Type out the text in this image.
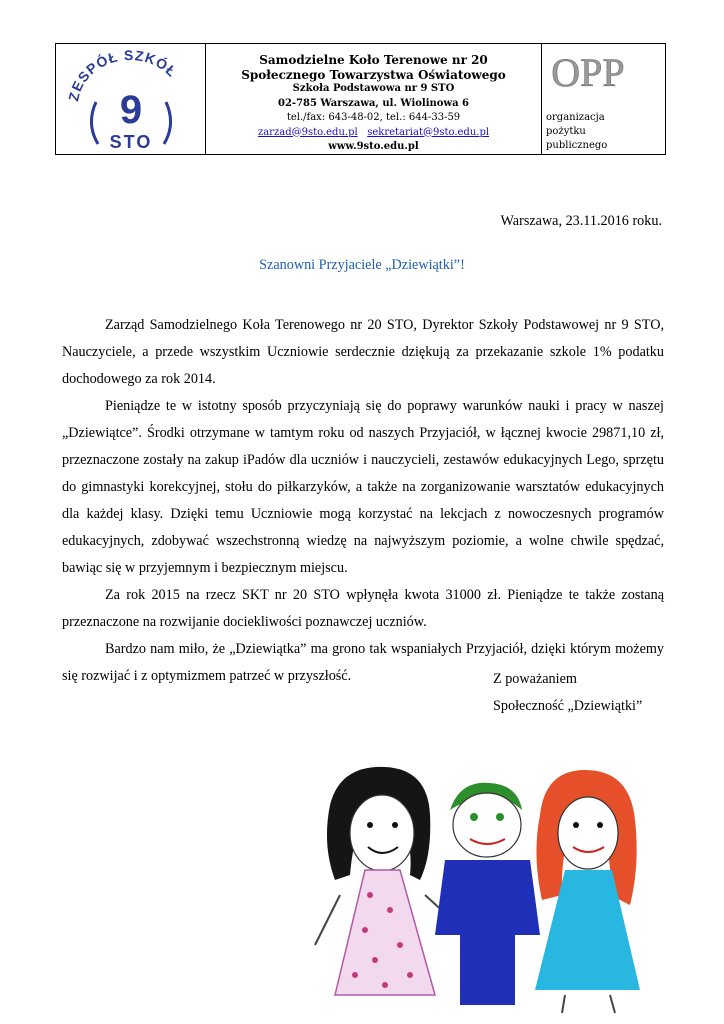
ZESPÓŁ SZKÓŁ
9
STO
Samodzielne Koło Terenowe nr 20
Społecznego Towarzystwa Oświatowego
Szkoła Podstawowa nr 9 STO
02-785 Warszawa, ul. Wiolinowa 6
tel./fax: 643-48-02, tel.: 644-33-59
zarzad@9sto.edu.pl sekretariat@9sto.edu.pl
www.9sto.edu.pl
OPP
organizacja
pożytku
publicznego
Warszawa, 23.11.2016 roku.
Szanowni Przyjaciele „Dziewiątki”!

Zarząd Samodzielnego Koła Terenowego nr 20 STO, Dyrektor Szkoły Podstawowej nr 9 STO, Nauczyciele, a przede wszystkim Uczniowie serdecznie dziękują za przekazanie szkole 1% podatku dochodowego za rok 2014.

Pieniądze te w istotny sposób przyczyniają się do poprawy warunków nauki i pracy w naszej „Dziewiątce”. Środki otrzymane w tamtym roku od naszych Przyjaciół, w łącznej kwocie 29871,10 zł, przeznaczone zostały na zakup iPadów dla uczniów i nauczycieli, zestawów edukacyjnych Lego, sprzętu do gimnastyki korekcyjnej, stołu do piłkarzyków, a także na zorganizowanie warsztatów edukacyjnych dla każdej klasy. Dzięki temu Uczniowie mogą korzystać na lekcjach z nowoczesnych programów edukacyjnych, zdobywać wszechstronną wiedzę na najwyższym poziomie, a wolne chwile spędzać, bawiąc się w przyjemnym i bezpiecznym miejscu.

Za rok 2015 na rzecz SKT nr 20 STO wpłynęła kwota 31000 zł. Pieniądze te także zostaną przeznaczone na rozwijanie dociekliwości poznawczej uczniów.

Bardzo nam miło, że „Dziewiątka” ma grono tak wspaniałych Przyjaciół, dzięki którym możemy się rozwijać i z optymizmem patrzeć w przyszłość.	Z poważaniem
Społeczność „Dziewiątki”
